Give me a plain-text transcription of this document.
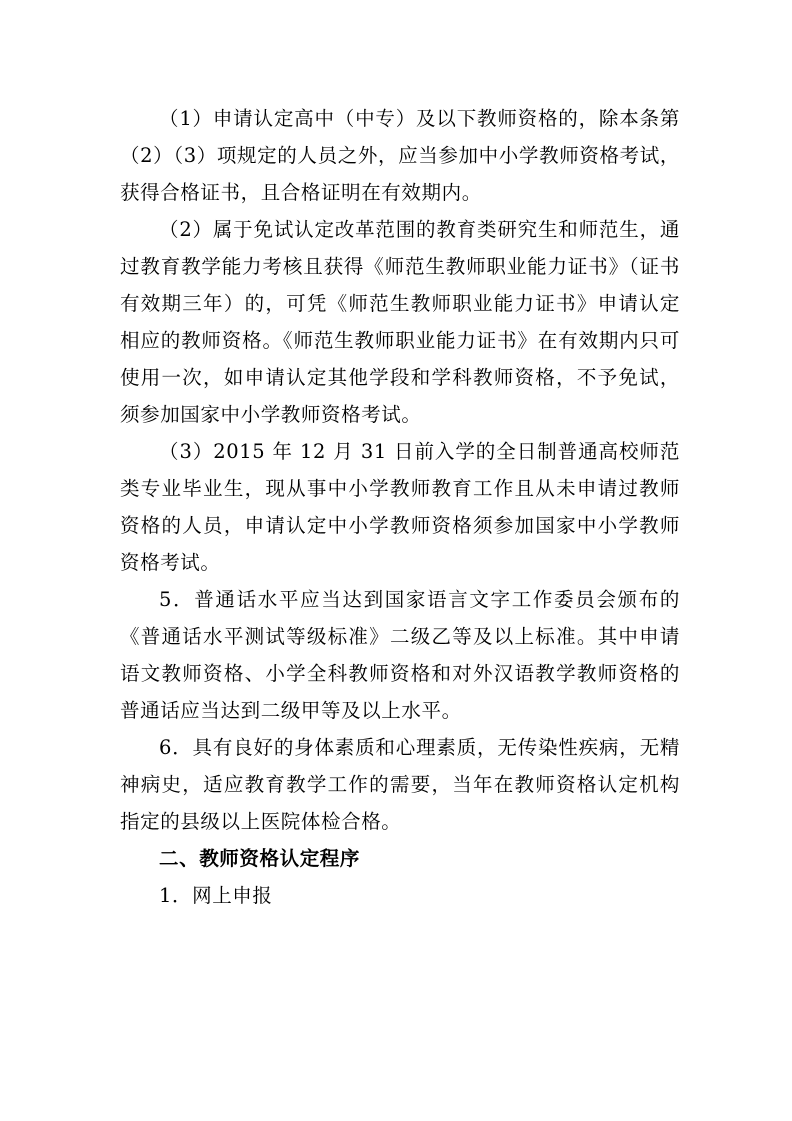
（1）申请认定高中（中专）及以下教师资格的，除本条第（2）（3）项规定的人员之外，应当参加中小学教师资格考试，获得合格证书，且合格证明在有效期内。

（2）属于免试认定改革范围的教育类研究生和师范生，通过教育教学能力考核且获得《师范生教师职业能力证书》（证书有效期三年）的，可凭《师范生教师职业能力证书》申请认定相应的教师资格。《师范生教师职业能力证书》在有效期内只可使用一次，如申请认定其他学段和学科教师资格，不予免试，须参加国家中小学教师资格考试。

（3）2015 年 12 月 31 日前入学的全日制普通高校师范类专业毕业生，现从事中小学教师教育工作且从未申请过教师资格的人员，申请认定中小学教师资格须参加国家中小学教师资格考试。

5．普通话水平应当达到国家语言文字工作委员会颁布的《普通话水平测试等级标准》二级乙等及以上标准。其中申请语文教师资格、小学全科教师资格和对外汉语教学教师资格的普通话应当达到二级甲等及以上水平。

6．具有良好的身体素质和心理素质，无传染性疾病，无精神病史，适应教育教学工作的需要，当年在教师资格认定机构指定的县级以上医院体检合格。

二、教师资格认定程序

1．网上申报
